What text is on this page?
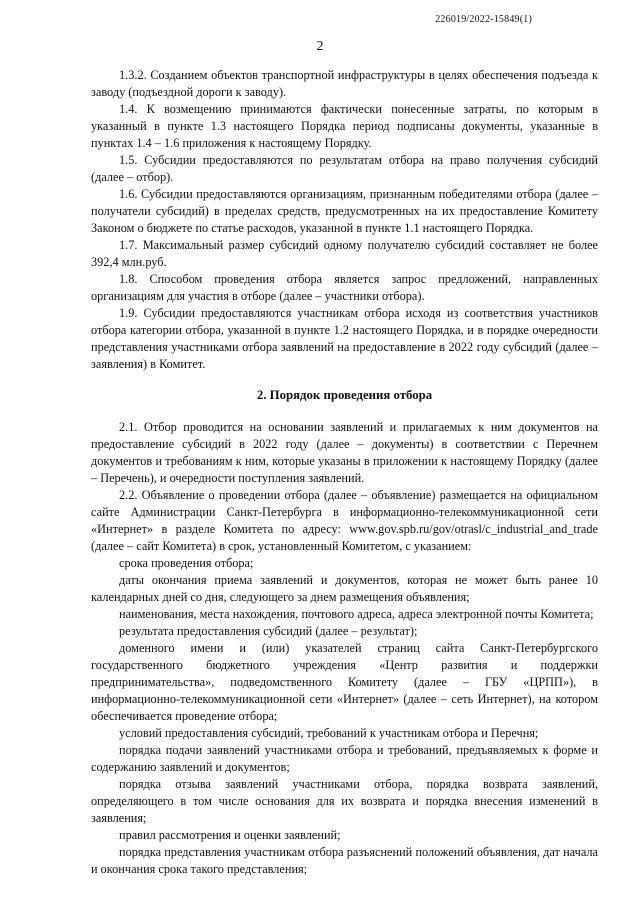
226019/2022-15849(1)
2

1.3.2. Созданием объектов транспортной инфраструктуры в целях обеспечения подъезда к заводу (подъездной дороги к заводу).

1.4. К возмещению принимаются фактически понесенные затраты, по которым в указанный в пункте 1.3 настоящего Порядка период подписаны документы, указанные в пунктах 1.4 – 1.6 приложения к настоящему Порядку.

1.5. Субсидии предоставляются по результатам отбора на право получения субсидий (далее – отбор).

1.6. Субсидии предоставляются организациям, признанным победителями отбора (далее – получатели субсидий) в пределах средств, предусмотренных на их предоставление Комитету Законом о бюджете по статье расходов, указанной в пункте 1.1 настоящего Порядка.

1.7. Максимальный размер субсидий одному получателю субсидий составляет не более 392,4 млн.руб.

1.8. Способом проведения отбора является запрос предложений, направленных организациям для участия в отборе (далее – участники отбора).

1.9. Субсидии предоставляются участникам отбора исходя из соответствия участников отбора категории отбора, указанной в пункте 1.2 настоящего Порядка, и в порядке очередности представления участниками отбора заявлений на предоставление в 2022 году субсидий (далее – заявления) в Комитет.

2. Порядок проведения отбора

2.1. Отбор проводится на основании заявлений и прилагаемых к ним документов на предоставление субсидий в 2022 году (далее – документы) в соответствии с Перечнем документов и требованиям к ним, которые указаны в приложении к настоящему Порядку (далее – Перечень), и очередности поступления заявлений.

2.2. Объявление о проведении отбора (далее – объявление) размещается на официальном сайте Администрации Санкт-Петербурга в информационно-телекоммуникационной сети «Интернет» в разделе Комитета по адресу: www.gov.spb.ru/gov/otrasl/c_industrial_and_trade (далее – сайт Комитета) в срок, установленный Комитетом, с указанием:

срока проведения отбора;

даты окончания приема заявлений и документов, которая не может быть ранее 10 календарных дней со дня, следующего за днем размещения объявления;

наименования, места нахождения, почтового адреса, адреса электронной почты Комитета;

результата предоставления субсидий (далее – результат);

доменного имени и (или) указателей страниц сайта Санкт-Петербургского государственного бюджетного учреждения «Центр развития и поддержки предпринимательства», подведомственного Комитету (далее – ГБУ «ЦРПП»), в информационно-телекоммуникационной сети «Интернет» (далее – сеть Интернет), на котором обеспечивается проведение отбора;

условий предоставления субсидий, требований к участникам отбора и Перечня;

порядка подачи заявлений участниками отбора и требований, предъявляемых к форме и содержанию заявлений и документов;

порядка отзыва заявлений участниками отбора, порядка возврата заявлений, определяющего в том числе основания для их возврата и порядка внесения изменений в заявления;

правил рассмотрения и оценки заявлений;

порядка представления участникам отбора разъяснений положений объявления, дат начала и окончания срока такого представления;
